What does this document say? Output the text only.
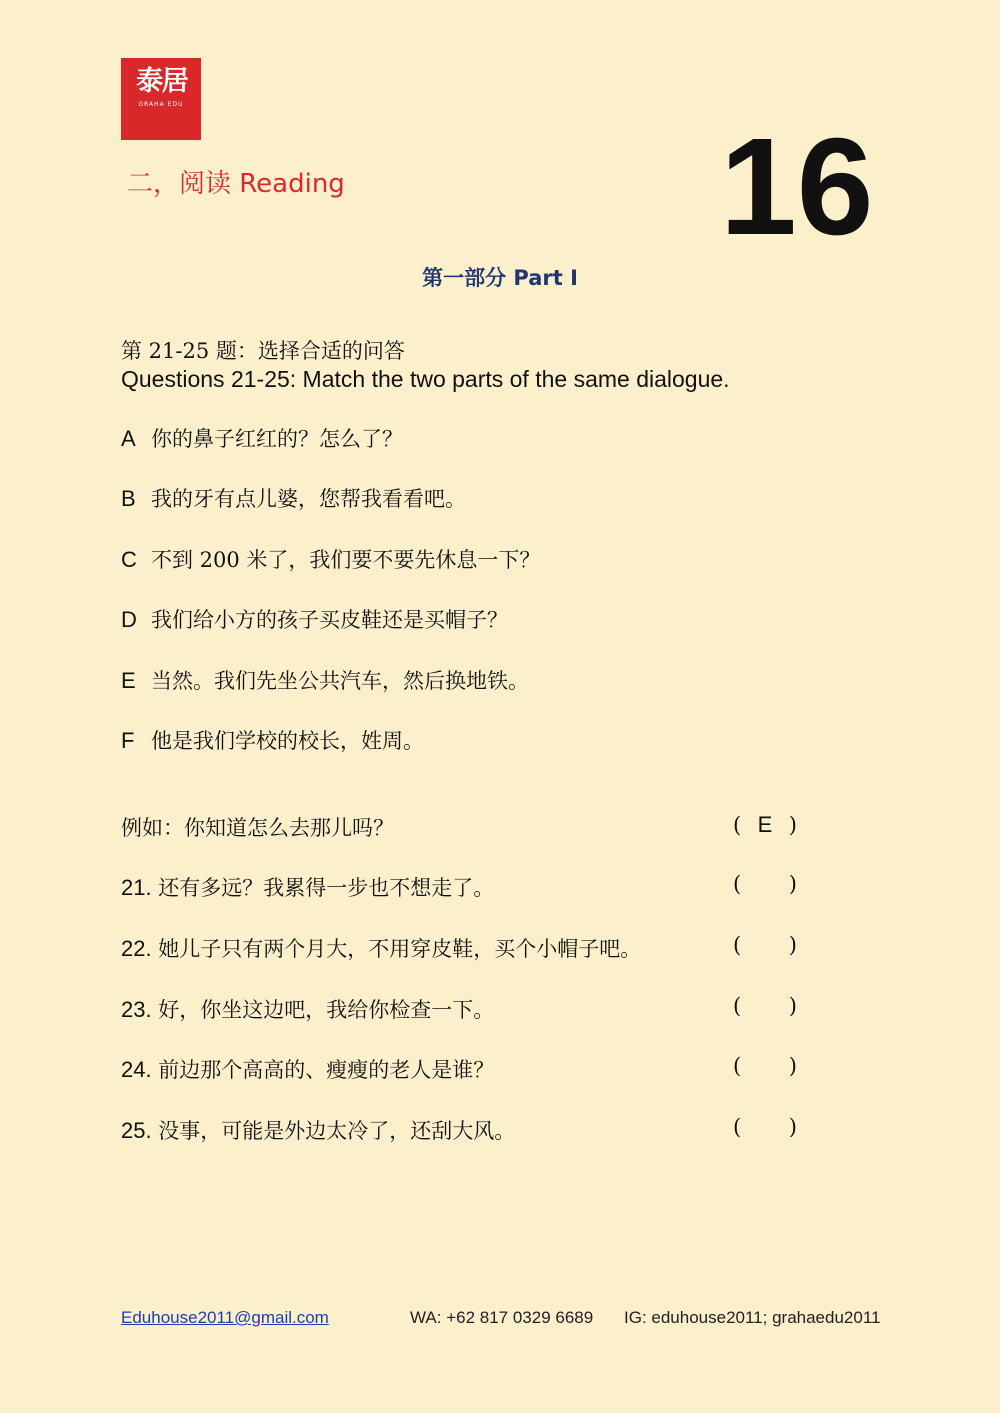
泰 居
GRAHA EDU
二，阅读 Reading	16
第一部分 Part I
第 21-25 题：选择合适的问答
Questions 21-25: Match the two parts of the same dialogue.
A 你的鼻子红红的？怎么了？
B 我的牙有点儿婆，您帮我看看吧。
C 不到 200 米了，我们要不要先休息一下？
D 我们给小方的孩子买皮鞋还是买帽子？
E 当然。我们先坐公共汽车，然后换地铁。
F 他是我们学校的校长，姓周。
例如：你知道怎么去那儿吗？	( E )
21. 还有多远？我累得一步也不想走了。	( )
22. 她儿子只有两个月大，不用穿皮鞋，买个小帽子吧。	( )
23. 好，你坐这边吧，我给你检查一下。	( )
24. 前边那个高高的、瘦瘦的老人是谁？	( )
25. 没事，可能是外边太冷了，还刮大风。	( )
Eduhouse2011@gmail.com	WA: +62 817 0329 6689 IG: eduhouse2011; grahaedu2011
